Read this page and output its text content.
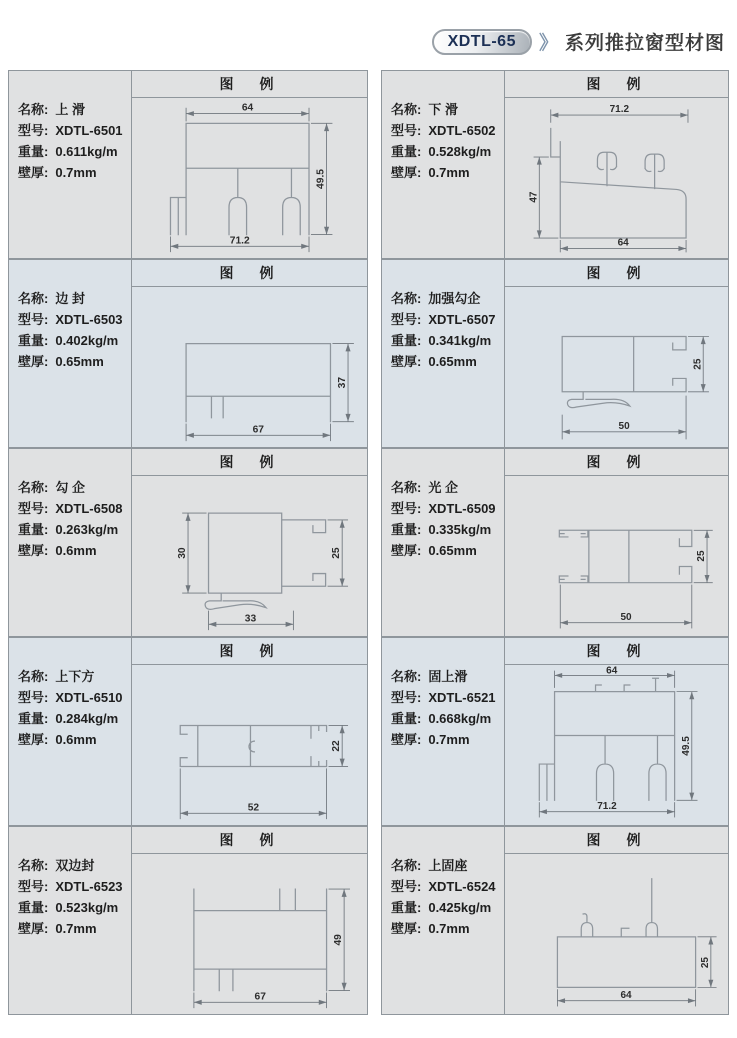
XDTL-65	》 系列推拉窗型材图
名称: 上 滑
型号: XDTL-6501
重量: 0.611kg/m
壁厚: 0.7mm
图　例
64
49.5
71.2
名称: 下 滑
型号: XDTL-6502
重量: 0.528kg/m
壁厚: 0.7mm
图　例
71.2
47
64
名称: 边 封
型号: XDTL-6503
重量: 0.402kg/m
壁厚: 0.65mm
图　例
37
67
名称: 加强勾企
型号: XDTL-6507
重量: 0.341kg/m
壁厚: 0.65mm
图　例
25
50
名称: 勾 企
型号: XDTL-6508
重量: 0.263kg/m
壁厚: 0.6mm
图　例
30	25
33
名称: 光 企
型号: XDTL-6509
重量: 0.335kg/m
壁厚: 0.65mm
图　例
25
50
名称: 上下方
型号: XDTL-6510
重量: 0.284kg/m
壁厚: 0.6mm
图　例
22
52
名称: 固上滑
型号: XDTL-6521
重量: 0.668kg/m
壁厚: 0.7mm
图　例
64
49.5
71.2
名称: 双边封
型号: XDTL-6523
重量: 0.523kg/m
壁厚: 0.7mm
图　例
49
67
名称: 上固座
型号: XDTL-6524
重量: 0.425kg/m
壁厚: 0.7mm
图　例
25
64
